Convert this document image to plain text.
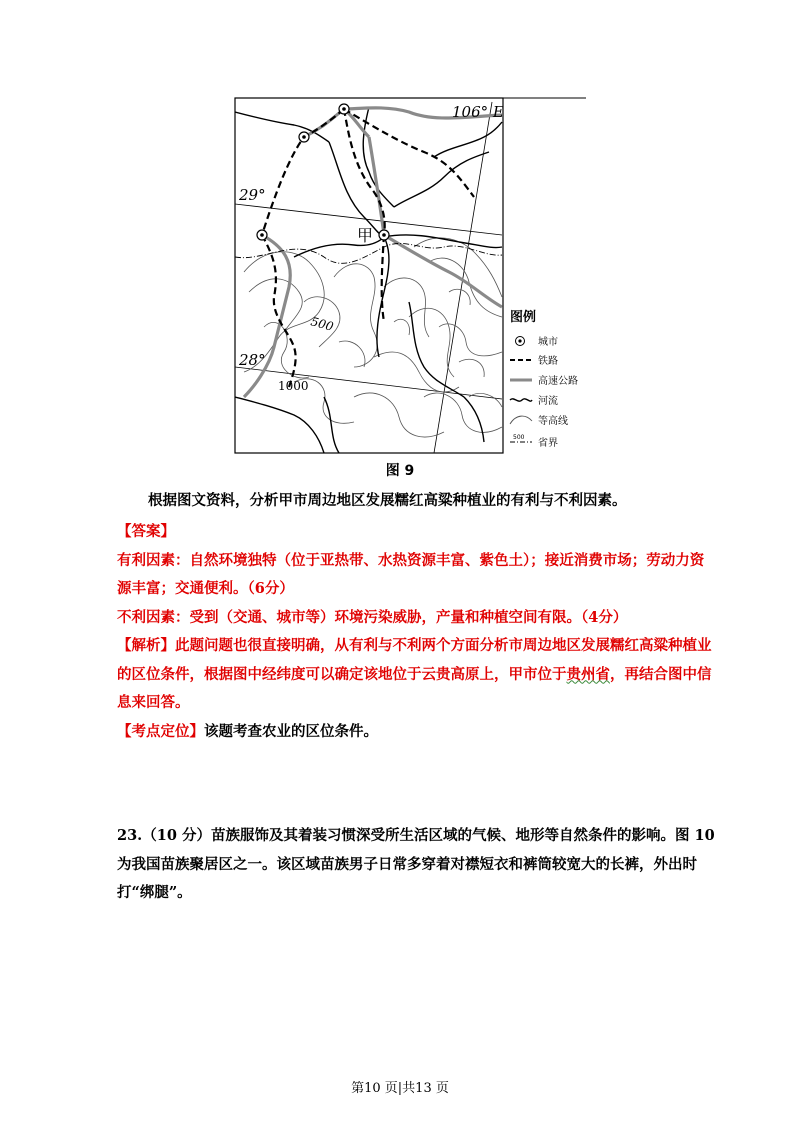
106° E
29°
28°
甲
500
1000
图例
城市
铁路
高速公路
河流
等高线
500
省界
图 9
根据图文资料，分析甲市周边地区发展糯红高粱种植业的有利与不利因素。

【答案】

有利因素：自然环境独特（位于亚热带、水热资源丰富、紫色土）；接近消费市场；劳动力资源丰富；交通便利。（6分）

不利因素：受到（交通、城市等）环境污染威胁，产量和种植空间有限。（4分）

【解析】此题问题也很直接明确，从有利与不利两个方面分析市周边地区发展糯红高粱种植业的区位条件，根据图中经纬度可以确定该地位于云贵高原上，甲市位于贵州省，再结合图中信息来回答。

【考点定位】该题考查农业的区位条件。

23.（10 分）苗族服饰及其着装习惯深受所生活区域的气候、地形等自然条件的影响。图 10 为我国苗族聚居区之一。该区域苗族男子日常多穿着对襟短衣和裤筒较宽大的长裤，外出时打“绑腿”。

第10 页|共13 页
